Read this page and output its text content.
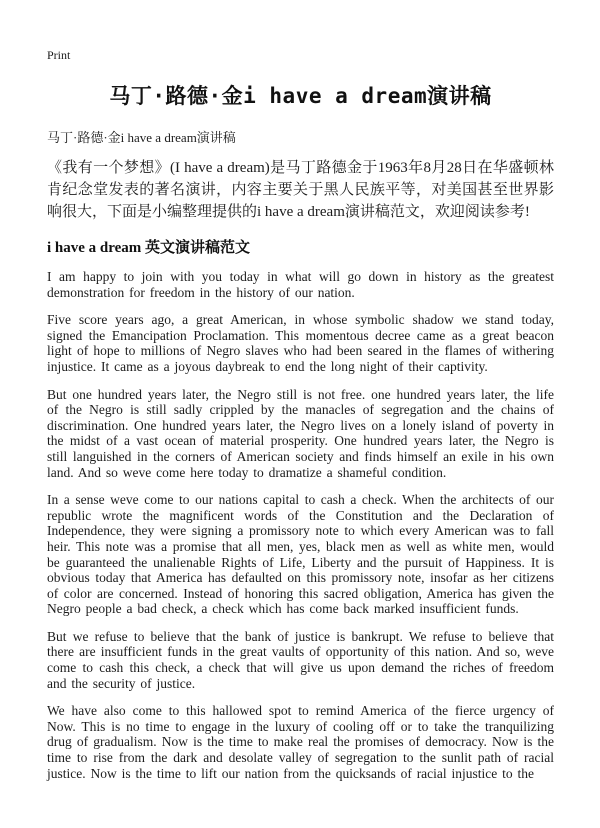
Print
马丁·路德·金i have a dream演讲稿
马丁·路德·金i have a dream演讲稿

《我有一个梦想》(I have a dream)是马丁路德金于1963年8月28日在华盛顿林肯纪念堂发表的著名演讲，内容主要关于黑人民族平等，对美国甚至世界影响很大，下面是小编整理提供的i have a dream演讲稿范文，欢迎阅读参考!

i have a dream 英文演讲稿范文

I am happy to join with you today in what will go down in history as the greatest demonstration for freedom in the history of our nation.

Five score years ago, a great American, in whose symbolic shadow we stand today, signed the Emancipation Proclamation. This momentous decree came as a great beacon light of hope to millions of Negro slaves who had been seared in the flames of withering injustice. It came as a joyous daybreak to end the long night of their captivity.

But one hundred years later, the Negro still is not free. one hundred years later, the life of the Negro is still sadly crippled by the manacles of segregation and the chains of discrimination. One hundred years later, the Negro lives on a lonely island of poverty in the midst of a vast ocean of material prosperity. One hundred years later, the Negro is still languished in the corners of American society and finds himself an exile in his own land. And so weve come here today to dramatize a shameful condition.

In a sense weve come to our nations capital to cash a check. When the architects of our republic wrote the magnificent words of the Constitution and the Declaration of Independence, they were signing a promissory note to which every American was to fall heir. This note was a promise that all men, yes, black men as well as white men, would be guaranteed the unalienable Rights of Life, Liberty and the pursuit of Happiness. It is obvious today that America has defaulted on this promissory note, insofar as her citizens of color are concerned. Instead of honoring this sacred obligation, America has given the Negro people a bad check, a check which has come back marked insufficient funds.

But we refuse to believe that the bank of justice is bankrupt. We refuse to believe that there are insufficient funds in the great vaults of opportunity of this nation. And so, weve come to cash this check, a check that will give us upon demand the riches of freedom and the security of justice.

We have also come to this hallowed spot to remind America of the fierce urgency of Now. This is no time to engage in the luxury of cooling off or to take the tranquilizing drug of gradualism. Now is the time to make real the promises of democracy. Now is the time to rise from the dark and desolate valley of segregation to the sunlit path of racial justice. Now is the time to lift our nation from the quicksands of racial injustice to the
